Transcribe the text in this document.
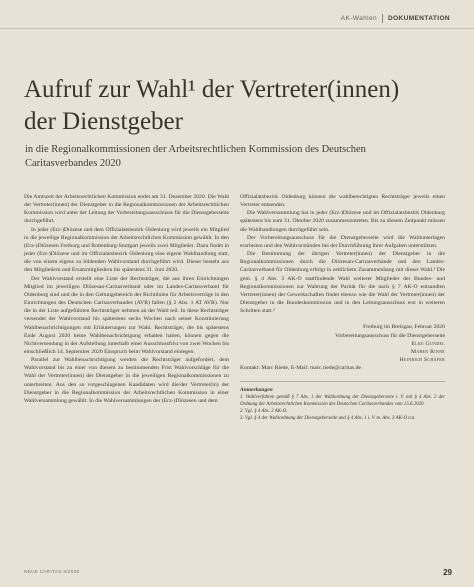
AK-Wahlen DOKUMENTATION
Aufruf zur Wahl¹ der Vertreter(innen)
der Dienstgeber

in die Regionalkommissionen der Arbeitsrechtlichen Kommission des Deutschen Caritasverbandes 2020

Die Amtszeit der Arbeitsrechtlichen Kommission endet am 31. Dezember 2020. Die Wahl der Vertreter(innen) der Dienstgeber in die Regionalkommissionen der Arbeitsrechtlichen Kommission wird unter der Leitung der Vorbereitungsausschüsse für die Dienstgeberseite durchgeführt.

In jeder (Erz-)Diözese und dem Offizialatsbezirk Oldenburg wird jeweils ein Mitglied in die jeweilige Regionalkommission der Arbeitsrechtlichen Kommission gewählt. In den (Erz-)Diözesen Freiburg und Rottenburg-Stuttgart jeweils zwei Mitglieder. Dazu findet in jeder (Erz-)Diözese und im Offizialatsbezirk Oldenburg eine eigene Wahlhandlung statt, die von einem eigens zu bildenden Wahlvorstand durchgeführt wird. Dieser besteht aus den Mitgliedern und Ersatzmitgliedern bis spätestens 31. Juni 2020.

Der Wahlvorstand erstellt eine Liste der Rechtsträger, die aus ihren Einrichtungen Mitglied im jeweiligen Diözesan-Caritasverband oder im Landes-Caritasverband für Oldenburg sind und die in den Geltungsbereich der Richtlinien für Arbeitsverträge in den Einrichtungen des Deutschen Caritasverbandes (AVR) fallen (§ 2 Abs. 1 AT AVR). Nur die in der Liste aufgeführten Rechtsträger nehmen an der Wahl teil. In diese Rechtsträger versendet der Wahlvorstand bis spätestens sechs Wochen nach seiner Konstituierung Wahlbenachrichtigungen mit Erläuterungen zur Wahl. Rechtsträger, die bis spätestens Ende August 2020 keine Wahlbenachrichtigung erhalten haben, können gegen die Nichtversendung in der Aufstellung innerhalb einer Ausschlussfrist von zwei Wochen bis einschließlich 14. September 2020 Einspruch beim Wahlvorstand einlegen.

Parallel zur Wahlbenachrichtigung werden die Rechtsträger aufgefordert, dem Wahlvorstand bis zu einer von diesem zu bestimmenden Frist Wahlvorschläge für die Wahl der Vertreter(innen) der Dienstgeber in die jeweiligen Regionalkommissionen zu unterbreiten. Aus den so vorgeschlagenen Kandidaten wird die/der Vertreter(in) der Dienstgeber in die Regionalkommission der Arbeitsrechtlichen Kommission in einer Wahlversammlung gewählt. In die Wahlversammlungen der (Erz-)Diözesen und dem

Offizialatsbezirk Oldenburg können die wahlberechtigten Rechtsträger jeweils einen Vertreter entsenden.

Die Wahlversammlung hat in jeder (Erz-)Diözese und im Offizialatsbezirk Oldenburg spätestens bis zum 31. Oktober 2020 zusammenzutreten. Bis zu diesem Zeitpunkt müssen die Wahlhandlungen durchgeführt sein.

Der Vorbereitungsausschuss für die Dienstgeberseite wird die Wahlunterlagen erarbeiten und den Wahlvorständen bei der Durchführung ihrer Aufgaben unterstützen.

Die Bestimmung der übrigen Vertreter(innen) der Dienstgeber in die Regionalkommissionen durch die Diözesan-Caritasverbände und den Landes-Caritasverband für Oldenburg erfolgt in zeitlichem Zusammenhang mit dieser Wahl.² Die gem. § 4 Abs. 3 AK-O stattfindende Wahl weiterer Mitglieder der Bundes- und Regionalkommissionen zur Wahrung der Parität für die nach § 7 AK-O entsandten Vertreter(innen) der Gewerkschaften findet ebenso wie die Wahl der Vertreter(innen) der Dienstgeber in die Bundeskommission und in den Leitungsausschuss erst in weiteren Schritten statt.³

Freiburg im Breisgau, Februar 2020
Vorbereitungsausschuss für die Dienstgeberseite
Elke Gundel
Maren Rinne
Heinrich Schäfer

Kontakt: Marc Riede, E-Mail: marc.riede@caritas.de

Anmerkungen

1. Wahlverfahren gemäß § 7 Abs. 1 der Wahlordnung der Dienstgeberseite i. V. mit § 4 Abs. 2 der Ordnung der Arbeitsrechtlichen Kommission des Deutschen Caritasverbandes vom 15.6.2020.

2. Vgl. § 4 Abs. 2 AK-O.

3. Vgl. § 4 der Wahlordnung der Dienstgeberseite und § 4 Abs. 1 i. V. m. Abs. 3 AK-O n.n.

NEUE CARITAS 8/2020	29
